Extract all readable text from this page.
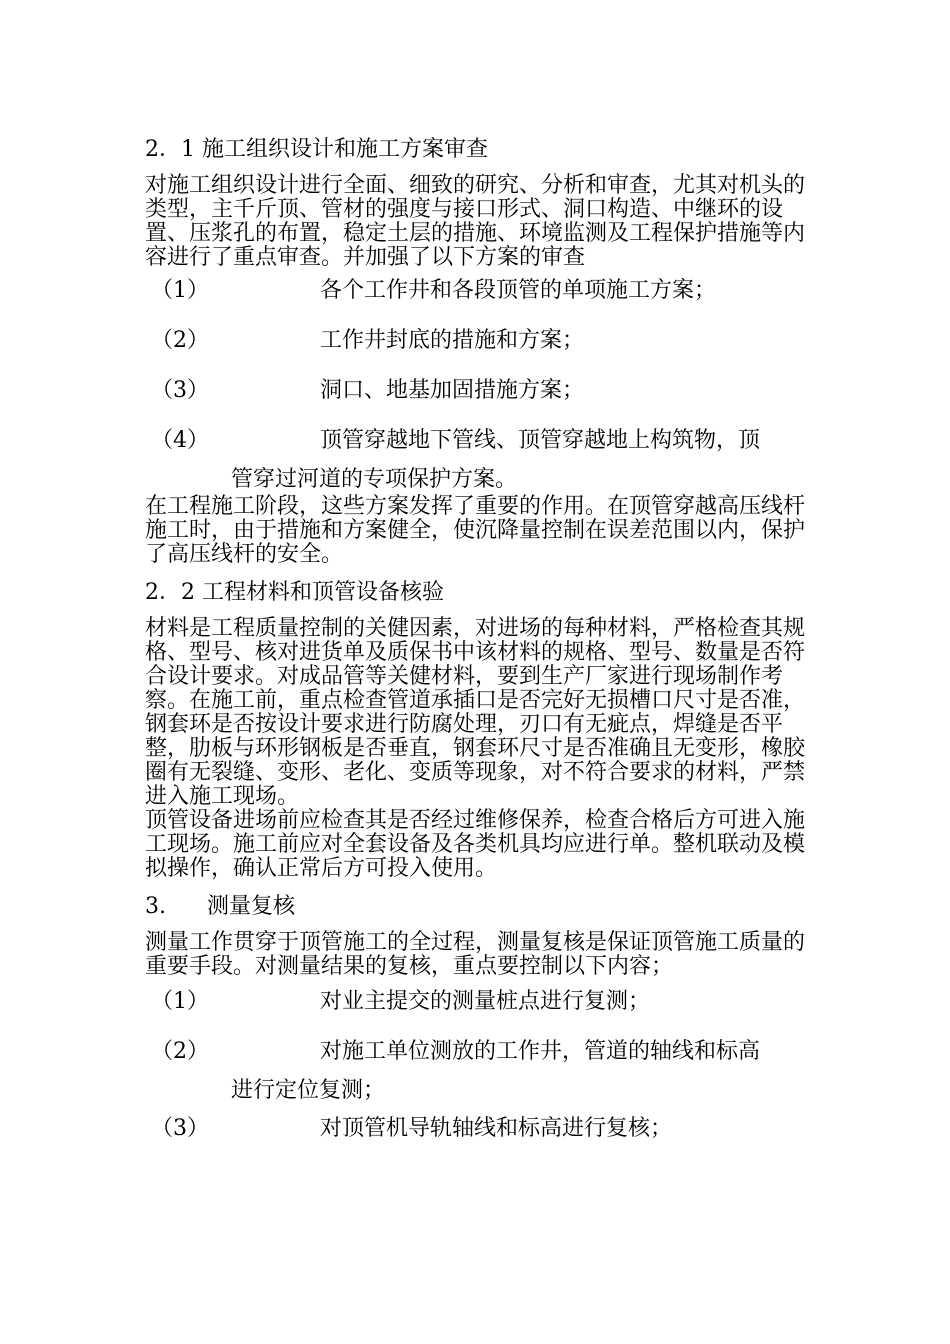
2．1 施工组织设计和施工方案审查

对施工组织设计进行全面、细致的研究、分析和审查，尤其对机头的类型，主千斤顶、管材的强度与接口形式、洞口构造、中继环的设置、压浆孔的布置，稳定土层的措施、环境监测及工程保护措施等内容进行了重点审查。并加强了以下方案的审查

（1）	各个工作井和各段顶管的单项施工方案；
（2）	工作井封底的措施和方案；
（3）	洞口、地基加固措施方案；
（4）	顶管穿越地下管线、顶管穿越地上构筑物，顶
管穿过河道的专项保护方案。

在工程施工阶段，这些方案发挥了重要的作用。在顶管穿越高压线杆施工时，由于措施和方案健全，使沉降量控制在误差范围以内，保护了高压线杆的安全。

2．2 工程材料和顶管设备核验

材料是工程质量控制的关健因素，对进场的每种材料，严格检查其规格、型号、核对进货单及质保书中该材料的规格、型号、数量是否符合设计要求。对成品管等关健材料，要到生产厂家进行现场制作考察。在施工前，重点检查管道承插口是否完好无损槽口尺寸是否准，钢套环是否按设计要求进行防腐处理，刃口有无疵点，焊缝是否平整，肋板与环形钢板是否垂直，钢套环尺寸是否准确且无变形，橡胶圈有无裂缝、变形、老化、变质等现象，对不符合要求的材料，严禁进入施工现场。

顶管设备进场前应检查其是否经过维修保养，检查合格后方可进入施工现场。施工前应对全套设备及各类机具均应进行单。整机联动及模拟操作，确认正常后方可投入使用。

3. 测量复核

测量工作贯穿于顶管施工的全过程，测量复核是保证顶管施工质量的重要手段。对测量结果的复核，重点要控制以下内容；

（1）	对业主提交的测量桩点进行复测；
（2）	对施工单位测放的工作井，管道的轴线和标高
进行定位复测；
（3）	对顶管机导轨轴线和标高进行复核；
